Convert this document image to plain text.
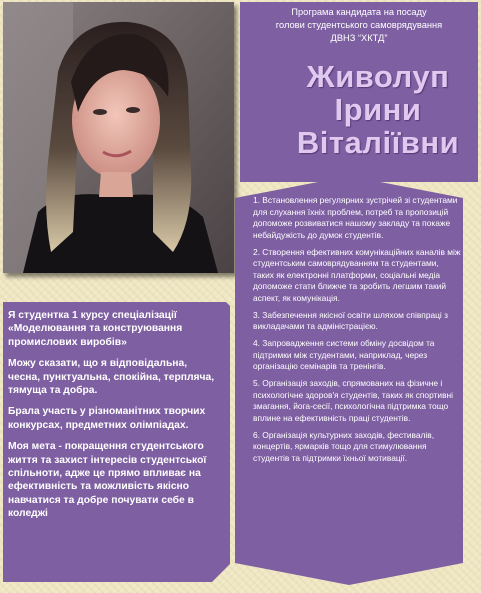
Програма кандидата на посаду
голови студентського самоврядування
ДВНЗ “ХКТД”
Живолуп
Ірини
Віталіївни
1. Встановлення регулярних зустрічей зі студентами для слухання їхніх проблем, потреб та пропозицій допоможе розвиватися нашому закладу та покаже небайдужість до думок студентів.
2. Створення ефективних комунікаційних каналів між студентським самоврядуванням та студентами, таких як електронні платформи, соціальні медіа допоможе стати ближче та зробить легшим такий аспект, як комунікація.
3. Забезпечення якісної освіти шляхом співпраці з викладачами та адміністрацією.
4. Запровадження системи обміну досвідом та підтримки між студентами, наприклад, через організацію семінарів та тренінгів.
5. Організація заходів, спрямованих на фізичне і психологічне здоров'я студентів, таких як спортивні змагання, йога-сесії, психологічна підтримка тощо вплине на ефективність праці студентів.
6. Організація культурних заходів, фестивалів, концертів, ярмарків тощо для стимулювання студентів та підтримки їхньої мотивації.

Я студентка 1 курсу спеціалізації «Моделювання та конструювання промислових виробів»

Можу сказати, що я відповідальна, чесна, пунктуальна, спокійна, терпляча, тямуща та добра.

Брала участь у різноманітних творчих конкурсах, предметних олімпіадах.

Моя мета - покращення студентського життя та захист інтересів студентської спільноти, адже це прямо впливає на ефективність та можливість якісно навчатися та добре почувати себе в коледжі
